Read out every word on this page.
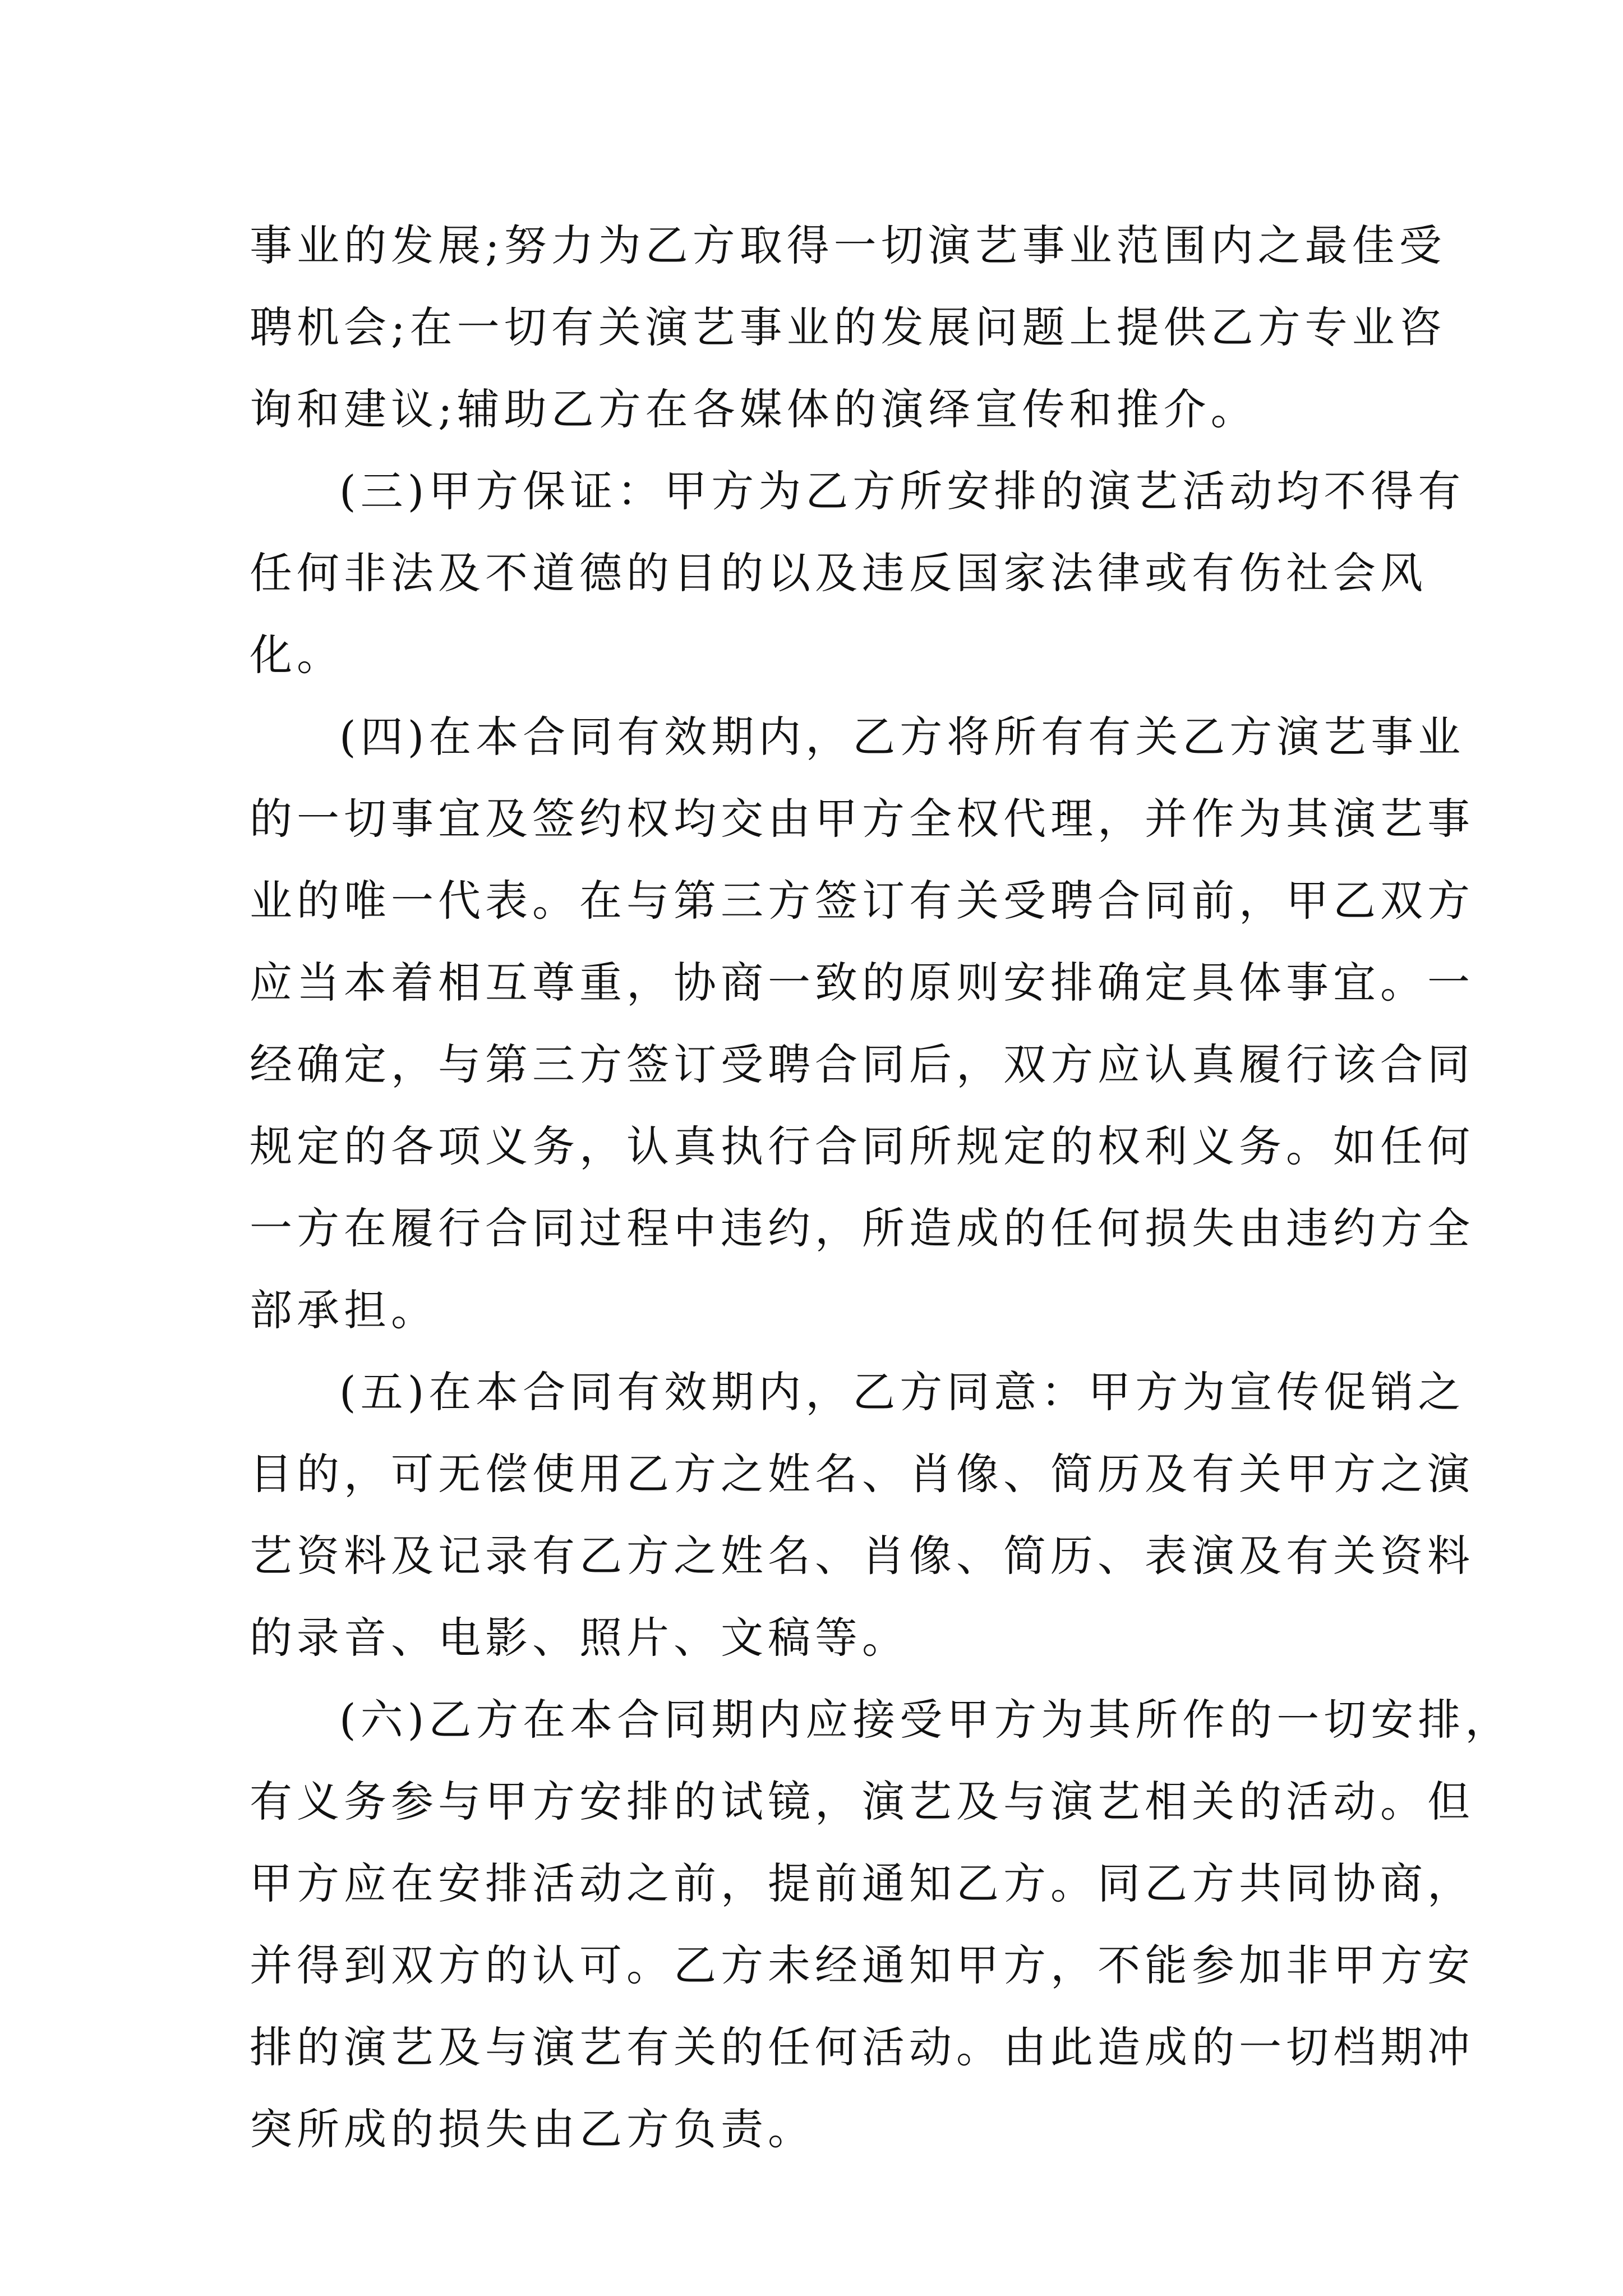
事业的发展;努力为乙方取得一切演艺事业范围内之最佳受
聘机会;在一切有关演艺事业的发展问题上提供乙方专业咨
询和建议;辅助乙方在各媒体的演绎宣传和推介。
(三)甲方保证：甲方为乙方所安排的演艺活动均不得有
任何非法及不道德的目的以及违反国家法律或有伤社会风
化。
(四)在本合同有效期内，乙方将所有有关乙方演艺事业
的一切事宜及签约权均交由甲方全权代理，并作为其演艺事
业的唯一代表。在与第三方签订有关受聘合同前，甲乙双方
应当本着相互尊重，协商一致的原则安排确定具体事宜。一
经确定，与第三方签订受聘合同后，双方应认真履行该合同
规定的各项义务，认真执行合同所规定的权利义务。如任何
一方在履行合同过程中违约，所造成的任何损失由违约方全
部承担。
(五)在本合同有效期内，乙方同意：甲方为宣传促销之
目的，可无偿使用乙方之姓名、肖像、简历及有关甲方之演
艺资料及记录有乙方之姓名、肖像、简历、表演及有关资料
的录音、电影、照片、文稿等。
(六)乙方在本合同期内应接受甲方为其所作的一切安排，
有义务参与甲方安排的试镜，演艺及与演艺相关的活动。但
甲方应在安排活动之前，提前通知乙方。同乙方共同协商，
并得到双方的认可。乙方未经通知甲方，不能参加非甲方安
排的演艺及与演艺有关的任何活动。由此造成的一切档期冲
突所成的损失由乙方负责。
